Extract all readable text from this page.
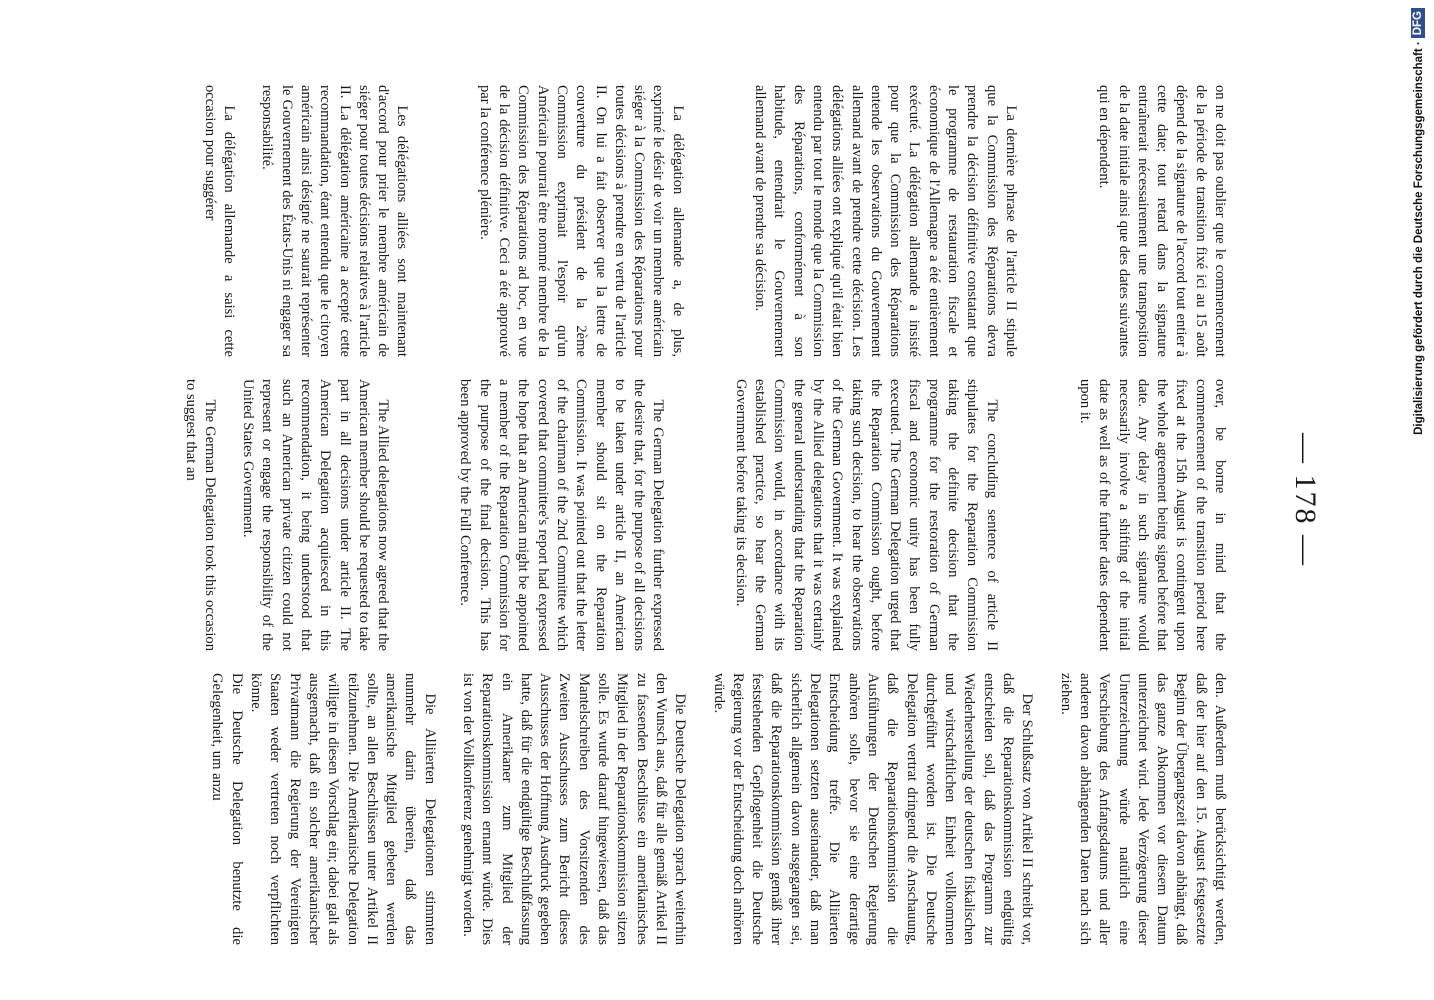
— 178 —

on ne doit pas oublier que le commencement de la période de transition fixé ici au 15 août dépend de la signature de l'accord tout entier à cette date; tout retard dans la signature entraînerait nécessairement une transposition de la date initiale ainsi que des dates suivantes qui en dépendent.

La dernière phrase de l'article II stipule que la Commission des Réparations devra prendre la décision définitive constatant que le programme de restauration fiscale et économique de l'Allemagne a été entièrement exécuté. La délégation allemande a insisté pour que la Commission des Réparations entende les observations du Gouvernement allemand avant de prendre cette décision. Les délégations alliées ont expliqué qu'il était bien entendu par tout le monde que la Commission des Réparations, conformément à son habitude, entendrait le Gouvernement allemand avant de prendre sa décision.

La délégation allemande a, de plus, exprimé le désir de voir un membre américain siéger à la Commission des Réparations pour toutes décisions à prendre en vertu de l'article II. On lui a fait observer que la lettre de couverture du président de la 2ème Commission exprimait l'espoir qu'un Américain pourrait être nommé membre de la Commission des Réparations ad hoc, en vue de la décision définitive. Ceci a été approuvé par la conférence plénière.

Les délégations alliées sont maintenant d'accord pour prier le membre américain de siéger pour toutes décisions relatives à l'article II. La délégation américaine a accepté cette recommandation, étant entendu que le citoyen américain ainsi désigné ne saurait représenter le Gouvernement des États-Unis ni engager sa responsabilité.

La délégation allemande a saisi cette occasion pour suggérer

over, be borne in mind that the commencement of the transition period here fixed at the 15th August is contingent upon the whole agreement being signed before that date. Any delay in such signature would necessarily involve a shifting of the initial date as well as of the further dates dependent upon it.

The concluding sentence of article II stipulates for the Reparation Commission taking the definite decision that the programme for the restoration of German fiscal and economic unity has been fully executed. The German Delegation urged that the Reparation Commission ought, before taking such decision, to hear the observations of the German Government. It was explained by the Allied delegations that it was certainly the general understanding that the Reparation Commission would, in accordance with its established practice, so hear the German Government before taking its decision.

The German Delegation further expressed the desire that, for the purpose of all decisions to be taken under article II, an American member should sit on the Reparation Commission. It was pointed out that the letter of the chairman of the 2nd Committee which covered that committee's report had expressed the hope that an American might be appointed a member of the Reparation Commission for the purpose of the final decision. This has been approved by the Full Conference.

The Allied delegations now agreed that the American member should be requested to take part in all decisions under article II. The American Delegation acquiesced in this recommendation, it being understood that such an American private citizen could not represent or engage the responsibility of the United States Government.

The German Delegation took this occasion to suggest that an

den. Außerdem muß berücksichtigt werden, daß der hier auf den 15. August festgesetzte Beginn der Übergangszeit davon abhängt, daß das ganze Abkommen vor diesem Datum unterzeichnet wird. Jede Verzögerung dieser Unterzeichnung würde natürlich eine Verschiebung des Anfangsdatums und aller anderen davon abhängenden Daten nach sich ziehen.

Der Schlußsatz von Artikel II schreibt vor, daß die Reparationskommission endgültig entscheiden soll, daß das Programm zur Wiederherstellung der deutschen fiskalischen und wirtschaftlichen Einheit vollkommen durchgeführt worden ist. Die Deutsche Delegation vertrat dringend die Anschauung, daß die Reparationskommission die Ausführungen der Deutschen Regierung anhören solle, bevor sie eine derartige Entscheidung treffe. Die Alliierten Delegationen setzten auseinander, daß man sicherlich allgemein davon ausgegangen sei, daß die Reparationskommission gemäß ihrer feststehenden Gepflogenheit die Deutsche Regierung vor der Entscheidung doch anhören würde.

Die Deutsche Delegation sprach weiterhin den Wunsch aus, daß für alle gemäß Artikel II zu fassenden Beschlüsse ein amerikanisches Mitglied in der Reparationskommission sitzen solle. Es wurde darauf hingewiesen, daß das Mantelschreiben des Vorsitzenden des Zweiten Ausschusses zum Bericht dieses Ausschusses der Hoffnung Ausdruck gegeben hatte, daß für die endgültige Beschlußfassung ein Amerikaner zum Mitglied der Reparationskommission ernannt würde. Dies ist von der Vollkonferenz genehmigt worden.

Die Alliierten Delegationen stimmten nunmehr darin überein, daß das amerikanische Mitglied gebeten werden sollte, an allen Beschlüssen unter Artikel II teilzunehmen. Die Amerikanische Delegation willigte in diesen Vorschlag ein; dabei galt als ausgemacht, daß ein solcher amerikanischer Privatmann die Regierung der Vereinigten Staaten weder vertreten noch verpflichten könne.

Die Deutsche Delegation benutzte die Gelegenheit, um anzu

Digitalisierung gefördert durch die Deutsche Forschungsgemeinschaft ·DFG
